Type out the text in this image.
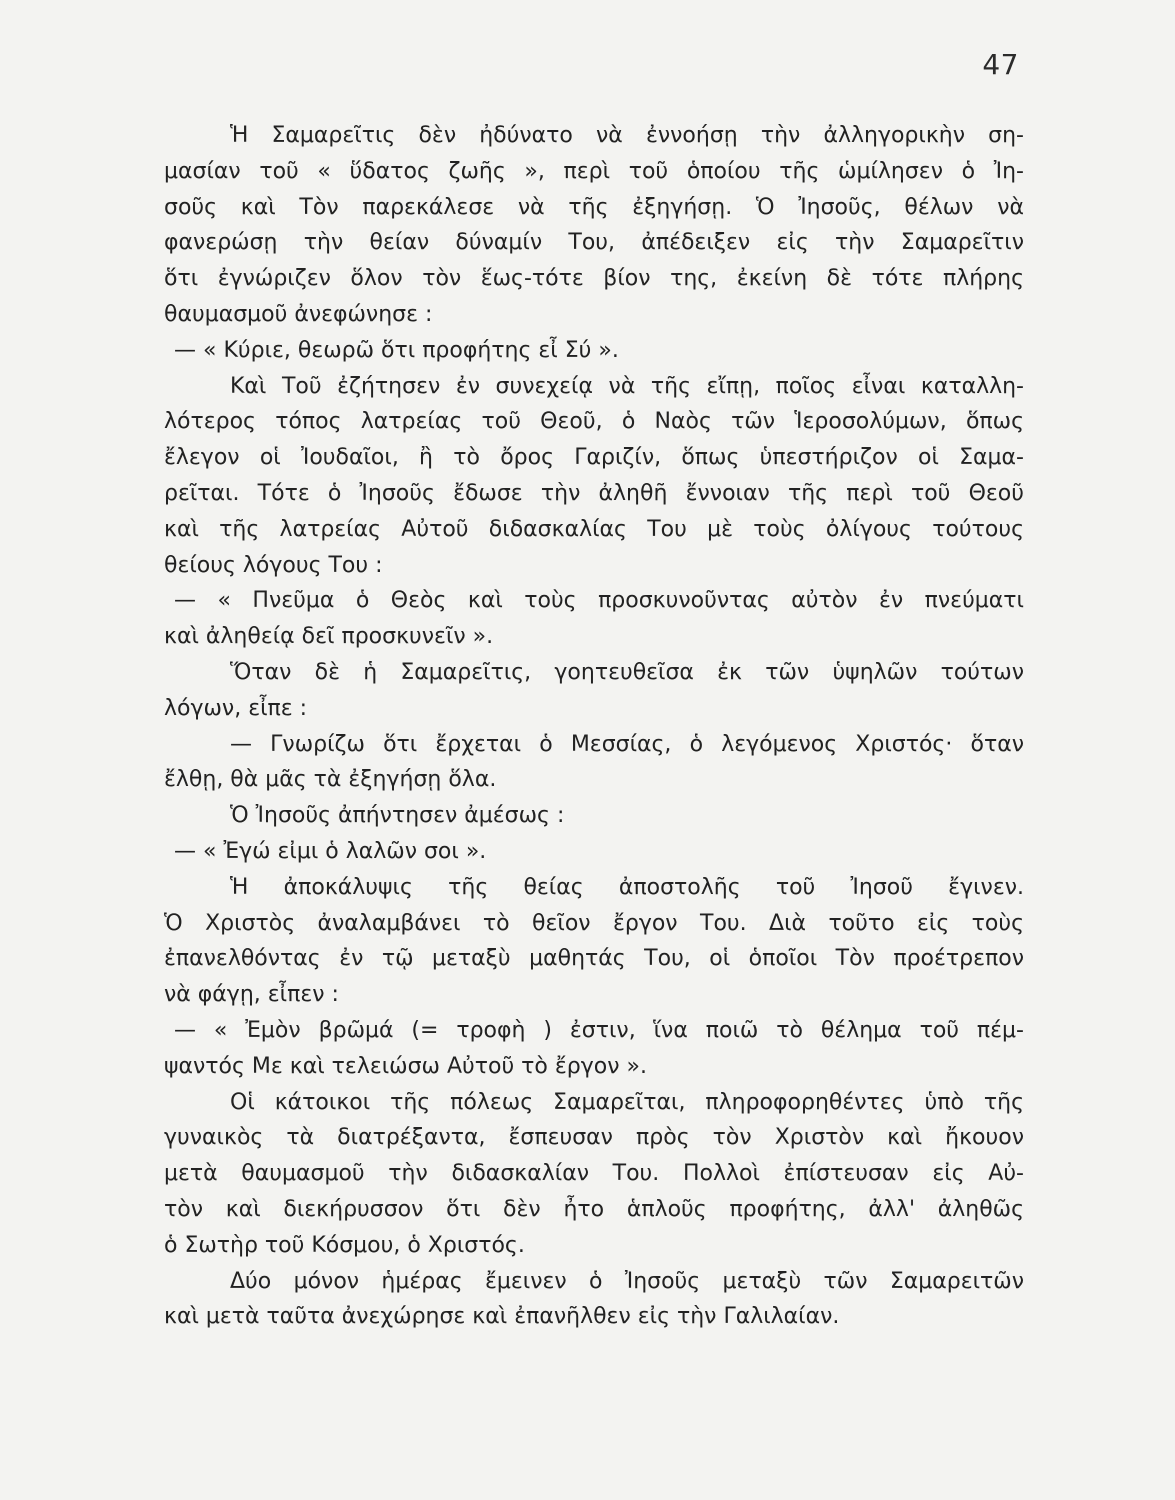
47
Ἡ Σαμαρεῖτις δὲν ἠδύνατο νὰ ἐννοήσῃ τὴν ἀλληγορικὴν ση-
μασίαν τοῦ « ὕδατος ζωῆς », περὶ τοῦ ὁποίου τῆς ὡμίλησεν ὁ Ἰη-
σοῦς καὶ Τὸν παρεκάλεσε νὰ τῆς ἐξηγήσῃ. Ὁ Ἰησοῦς, θέλων νὰ
φανερώσῃ τὴν θείαν δύναμίν Του, ἀπέδειξεν εἰς τὴν Σαμαρεῖτιν
ὅτι ἐγνώριζεν ὅλον τὸν ἕως-τότε βίον της, ἐκείνη δὲ τότε πλήρης
θαυμασμοῦ ἀνεφώνησε :
— « Κύριε, θεωρῶ ὅτι προφήτης εἶ Σύ ».
Καὶ Τοῦ ἐζήτησεν ἐν συνεχείᾳ νὰ τῆς εἴπῃ, ποῖος εἶναι καταλλη-
λότερος τόπος λατρείας τοῦ Θεοῦ, ὁ Ναὸς τῶν Ἱεροσολύμων, ὅπως
ἔλεγον οἱ Ἰουδαῖοι, ἢ τὸ ὄρος Γαριζίν, ὅπως ὑπεστήριζον οἱ Σαμα-
ρεῖται. Τότε ὁ Ἰησοῦς ἔδωσε τὴν ἀληθῆ ἔννοιαν τῆς περὶ τοῦ Θεοῦ
καὶ τῆς λατρείας Αὐτοῦ διδασκαλίας Του μὲ τοὺς ὀλίγους τούτους
θείους λόγους Του :
— « Πνεῦμα ὁ Θεὸς καὶ τοὺς προσκυνοῦντας αὐτὸν ἐν πνεύματι
καὶ ἀληθείᾳ δεῖ προσκυνεῖν ».
Ὅταν δὲ ἡ Σαμαρεῖτις, γοητευθεῖσα ἐκ τῶν ὑψηλῶν τούτων
λόγων, εἶπε :
— Γνωρίζω ὅτι ἔρχεται ὁ Μεσσίας, ὁ λεγόμενος Χριστός· ὅταν
ἔλθῃ, θὰ μᾶς τὰ ἐξηγήσῃ ὅλα.
Ὁ Ἰησοῦς ἀπήντησεν ἀμέσως :
— « Ἐγώ εἰμι ὁ λαλῶν σοι ».
Ἡ ἀποκάλυψις τῆς θείας ἀποστολῆς τοῦ Ἰησοῦ ἔγινεν.
Ὁ Χριστὸς ἀναλαμβάνει τὸ θεῖον ἔργον Του. Διὰ τοῦτο εἰς τοὺς
ἐπανελθόντας ἐν τῷ μεταξὺ μαθητάς Του, οἱ ὁποῖοι Τὸν προέτρεπον
νὰ φάγῃ, εἶπεν :
— « Ἐμὸν βρῶμά (= τροφὴ ) ἐστιν, ἵνα ποιῶ τὸ θέλημα τοῦ πέμ-
ψαντός Με καὶ τελειώσω Αὐτοῦ τὸ ἔργον ».
Οἱ κάτοικοι τῆς πόλεως Σαμαρεῖται, πληροφορηθέντες ὑπὸ τῆς
γυναικὸς τὰ διατρέξαντα, ἔσπευσαν πρὸς τὸν Χριστὸν καὶ ἤκουον
μετὰ θαυμασμοῦ τὴν διδασκαλίαν Του. Πολλοὶ ἐπίστευσαν εἰς Αὐ-
τὸν καὶ διεκήρυσσον ὅτι δὲν ἦτο ἁπλοῦς προφήτης, ἀλλ' ἀληθῶς
ὁ Σωτὴρ τοῦ Κόσμου, ὁ Χριστός.
Δύο μόνον ἡμέρας ἔμεινεν ὁ Ἰησοῦς μεταξὺ τῶν Σαμαρειτῶν
καὶ μετὰ ταῦτα ἀνεχώρησε καὶ ἐπανῆλθεν εἰς τὴν Γαλιλαίαν.
